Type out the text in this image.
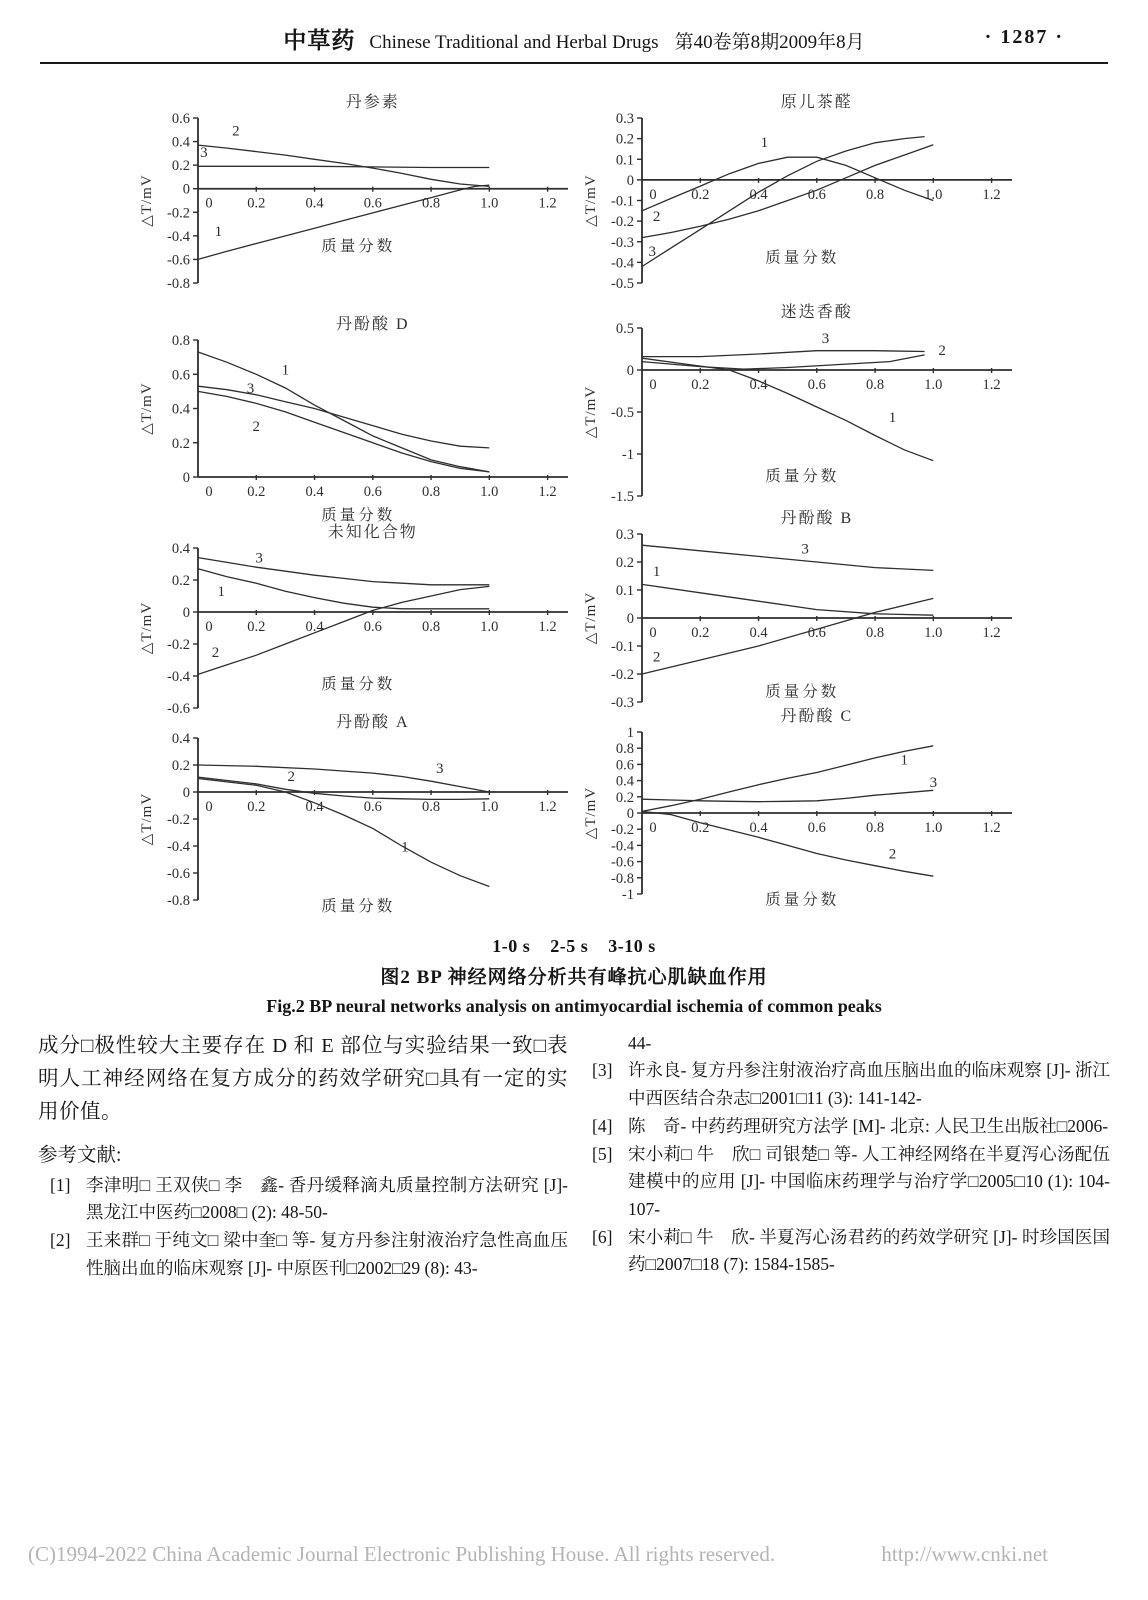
中草药 Chinese Traditional and Herbal Drugs 第40卷第8期2009年8月	· 1287 ·
丹参素
△T/mV
0.6
0.4
0.2
0
-0.2
-0.4
-0.6
-0.8
0 0.2	0.4	0.6	0.8	1.0	1.2
1
2
3
质量分数
原儿茶醛
△T/mV
0.3
0.2
0.1
0
-0.1
-0.2
-0.3
-0.4
-0.5
0 0.2	0.4	0.6	0.8	1.0	1.2
1
2
3	质量分数
丹酚酸 D
△T/mV
0.8
0.6
0.4
0.2
0
0 0.2	0.4	0.6	0.8	1.0	1.2
1
2
3
质量分数
迷迭香酸
△T/mV
0.5
0
-0.5
-1
-1.5
0 0.2	0.4	0.6	0.8	1.0	1.2
1
2
3
质量分数
未知化合物
△T/mV
0.4
0.2
0
-0.2
-0.4
-0.6
0 0.2	0.4	0.6	0.8	1.0	1.2
1
2
3
质量分数
丹酚酸 B
△T/mV
0.3
0.2
0.1
0
-0.1
-0.2
-0.3
0 0.2	0.4	0.6	0.8	1.0	1.2
1
2
3
质量分数
丹酚酸 A
△T/mV
0.4
0.2
0
-0.2
-0.4
-0.6
-0.8
0 0.2	0.4	0.6	0.8	1.0	1.2
1
2
3
质量分数
丹酚酸 C
△T/mV
1
0.8
0.6
0.4
0.2
0
-0.2
-0.4
-0.6
-0.8
-1
0 0.2	0.4	0.6	0.8	1.0	1.2
1
2
3
质量分数
1-0 s    2-5 s    3-10 s
图2 BP 神经网络分析共有峰抗心肌缺血作用
Fig.2 BP neural networks analysis on antimyocardial ischemia of common peaks

成分□极性较大主要存在 D 和 E 部位与实验结果一致□表明人工神经网络在复方成分的药效学研究□具有一定的实用价值。

参考文献:
[1] 李津明□ 王双侠□ 李　鑫- 香丹缓释滴丸质量控制方法研究 [J]- 黑龙江中医药□2008□ (2): 48-50-
[2] 王来群□ 于纯文□ 梁中奎□ 等- 复方丹参注射液治疗急性高血压性脑出血的临床观察 [J]- 中原医刊□2002□29 (8): 43-
44-
[3] 许永良- 复方丹参注射液治疗高血压脑出血的临床观察 [J]- 浙江中西医结合杂志□2001□11 (3): 141-142-
[4] 陈　奇- 中药药理研究方法学 [M]- 北京: 人民卫生出版社□2006-
[5] 宋小莉□ 牛　欣□ 司银楚□ 等- 人工神经网络在半夏泻心汤配伍建模中的应用 [J]- 中国临床药理学与治疗学□2005□10 (1): 104-107-
[6] 宋小莉□ 牛　欣- 半夏泻心汤君药的药效学研究 [J]- 时珍国医国药□2007□18 (7): 1584-1585-
(C)1994-2022 China Academic Journal Electronic Publishing House. All rights reserved.	http://www.cnki.net
